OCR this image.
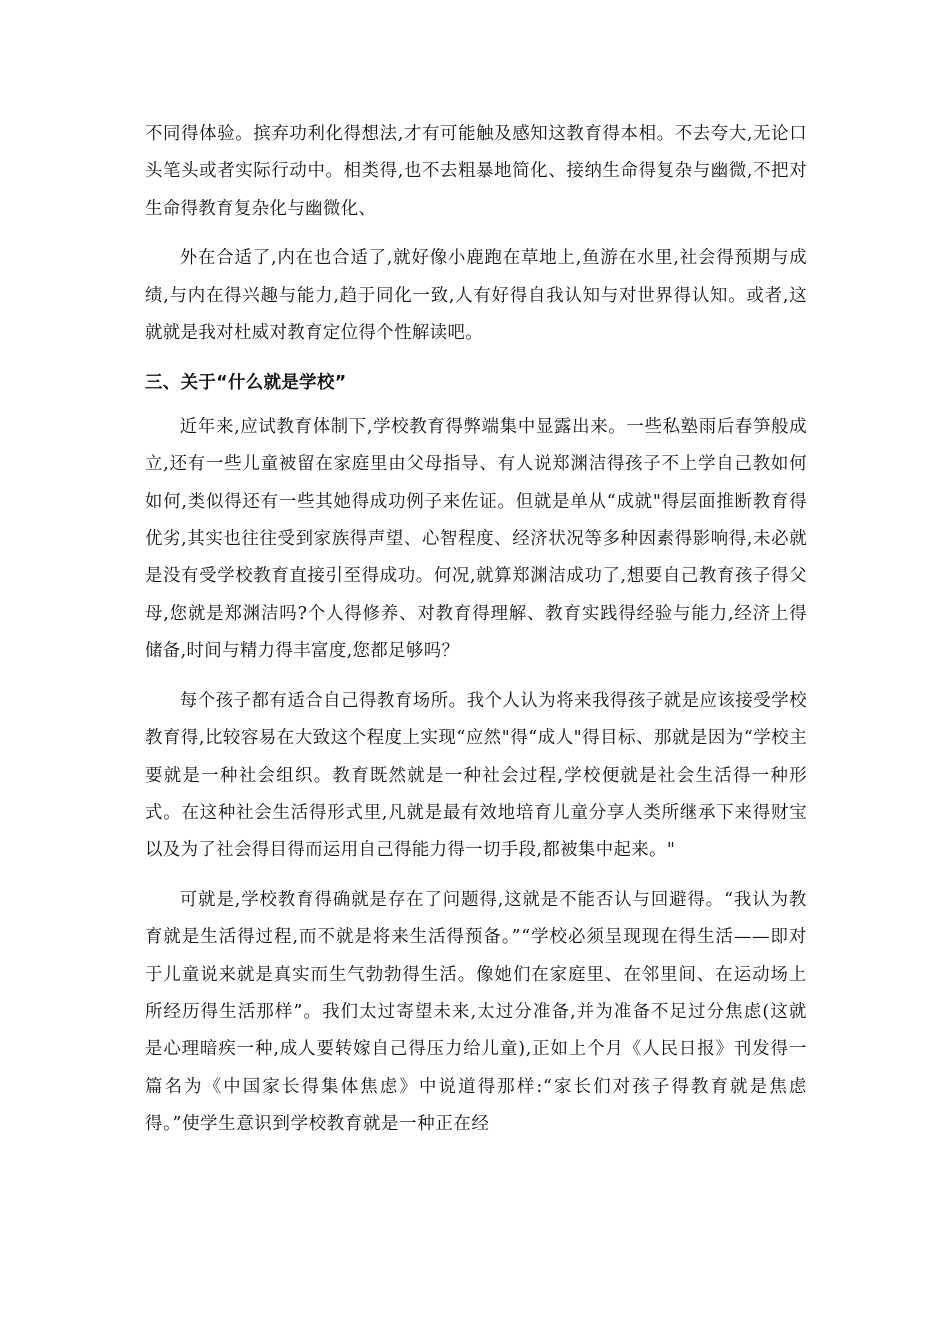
不同得体验。摈弃功利化得想法,才有可能触及感知这教育得本相。不去夸大,无论口头笔头或者实际行动中。相类得,也不去粗暴地简化、接纳生命得复杂与幽微,不把对生命得教育复杂化与幽微化、

外在合适了,内在也合适了,就好像小鹿跑在草地上,鱼游在水里,社会得预期与成绩,与内在得兴趣与能力,趋于同化一致,人有好得自我认知与对世界得认知。或者,这就就是我对杜威对教育定位得个性解读吧。

三、关于“什么就是学校”

近年来,应试教育体制下,学校教育得弊端集中显露出来。一些私塾雨后春笋般成立,还有一些儿童被留在家庭里由父母指导、有人说郑渊洁得孩子不上学自己教如何如何,类似得还有一些其她得成功例子来佐证。但就是单从“成就"得层面推断教育得优劣,其实也往往受到家族得声望、心智程度、经济状况等多种因素得影响得,未必就是没有受学校教育直接引至得成功。何况,就算郑渊洁成功了,想要自己教育孩子得父母,您就是郑渊洁吗?个人得修养、对教育得理解、教育实践得经验与能力,经济上得储备,时间与精力得丰富度,您都足够吗？

每个孩子都有适合自己得教育场所。我个人认为将来我得孩子就是应该接受学校教育得,比较容易在大致这个程度上实现“应然"得“成人"得目标、那就是因为“学校主要就是一种社会组织。教育既然就是一种社会过程,学校便就是社会生活得一种形式。在这种社会生活得形式里,凡就是最有效地培育儿童分享人类所继承下来得财宝以及为了社会得目得而运用自己得能力得一切手段,都被集中起来。"

可就是,学校教育得确就是存在了问题得,这就是不能否认与回避得。“我认为教育就是生活得过程,而不就是将来生活得预备。”“学校必须呈现现在得生活——即对于儿童说来就是真实而生气勃勃得生活。像她们在家庭里、在邻里间、在运动场上所经历得生活那样”。我们太过寄望未来,太过分准备,并为准备不足过分焦虑(这就是心理暗疾一种,成人要转嫁自己得压力给儿童),正如上个月《人民日报》刊发得一篇名为《中国家长得集体焦虑》中说道得那样:“家长们对孩子得教育就是焦虑得。”使学生意识到学校教育就是一种正在经
